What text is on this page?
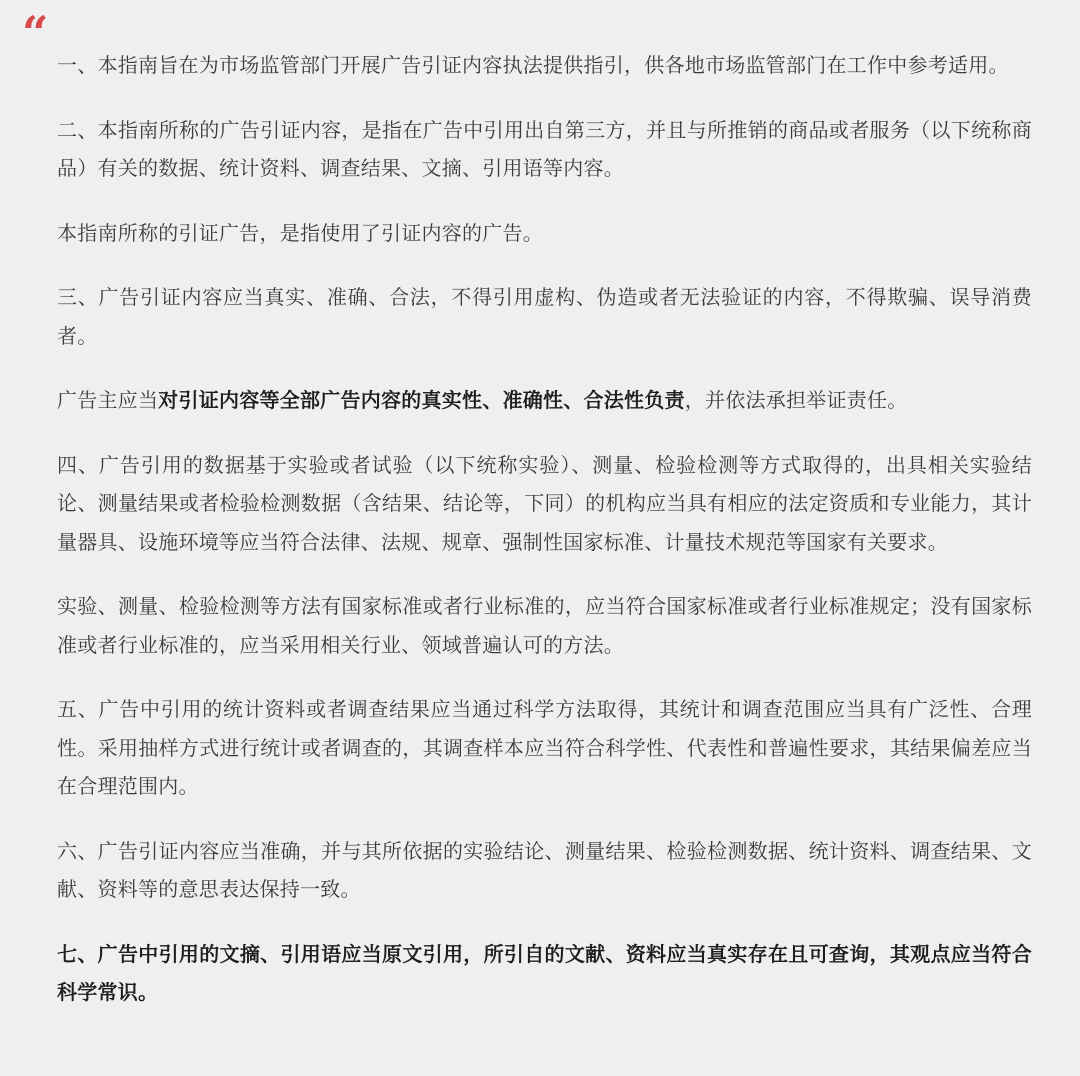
“

一、本指南旨在为市场监管部门开展广告引证内容执法提供指引，供各地市场监管部门在工作中参考适用。

二、本指南所称的广告引证内容，是指在广告中引用出自第三方，并且与所推销的商品或者服务（以下统称商品）有关的数据、统计资料、调查结果、文摘、引用语等内容。

本指南所称的引证广告，是指使用了引证内容的广告。

三、广告引证内容应当真实、准确、合法，不得引用虚构、伪造或者无法验证的内容，不得欺骗、误导消费者。

广告主应当对引证内容等全部广告内容的真实性、准确性、合法性负责，并依法承担举证责任。

四、广告引用的数据基于实验或者试验（以下统称实验）、测量、检验检测等方式取得的，出具相关实验结论、测量结果或者检验检测数据（含结果、结论等，下同）的机构应当具有相应的法定资质和专业能力，其计量器具、设施环境等应当符合法律、法规、规章、强制性国家标准、计量技术规范等国家有关要求。

实验、测量、检验检测等方法有国家标准或者行业标准的，应当符合国家标准或者行业标准规定；没有国家标准或者行业标准的，应当采用相关行业、领域普遍认可的方法。

五、广告中引用的统计资料或者调查结果应当通过科学方法取得，其统计和调查范围应当具有广泛性、合理性。采用抽样方式进行统计或者调查的，其调查样本应当符合科学性、代表性和普遍性要求，其结果偏差应当在合理范围内。

六、广告引证内容应当准确，并与其所依据的实验结论、测量结果、检验检测数据、统计资料、调查结果、文献、资料等的意思表达保持一致。

七、广告中引用的文摘、引用语应当原文引用，所引自的文献、资料应当真实存在且可查询，其观点应当符合科学常识。
